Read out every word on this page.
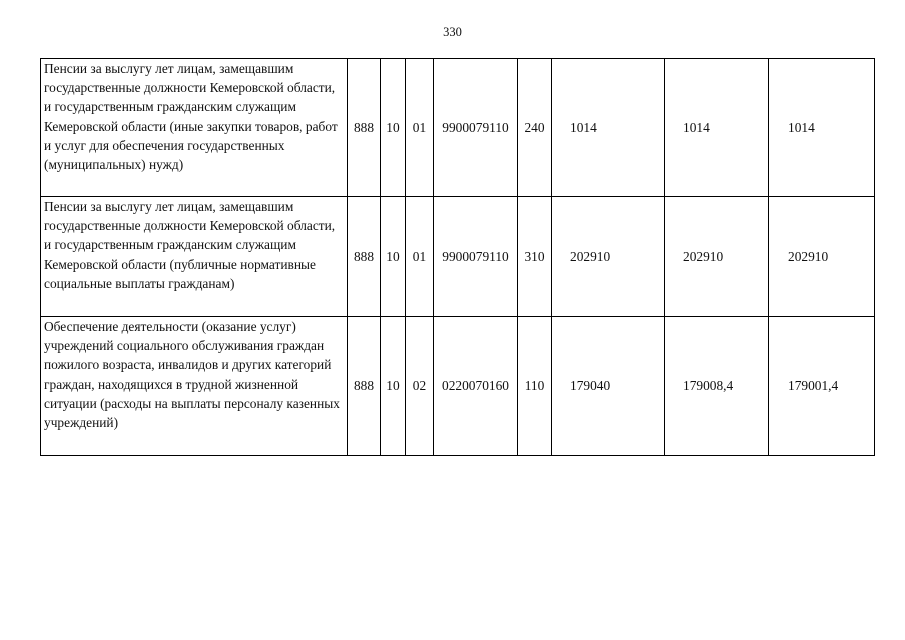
330
Пенсии за выслугу лет лицам, замещавшим государственные должности Кемеровской области, и государственным гражданским служащим Кемеровской области (иные закупки товаров, работ и услуг для обеспечения государственных (муниципальных) нужд)	888	10	01	9900079110	240	1014	1014	1014
Пенсии за выслугу лет лицам, замещавшим государственные должности Кемеровской области, и государственным гражданским служащим Кемеровской области (публичные нормативные социальные выплаты гражданам)	888	10	01	9900079110	310	202910	202910	202910
Обеспечение деятельности (оказание услуг) учреждений социального обслуживания граждан пожилого возраста, инвалидов и других категорий граждан, находящихся в трудной жизненной ситуации (расходы на выплаты персоналу казенных учреждений)	888	10	02	0220070160	110	179040	179008,4	179001,4
